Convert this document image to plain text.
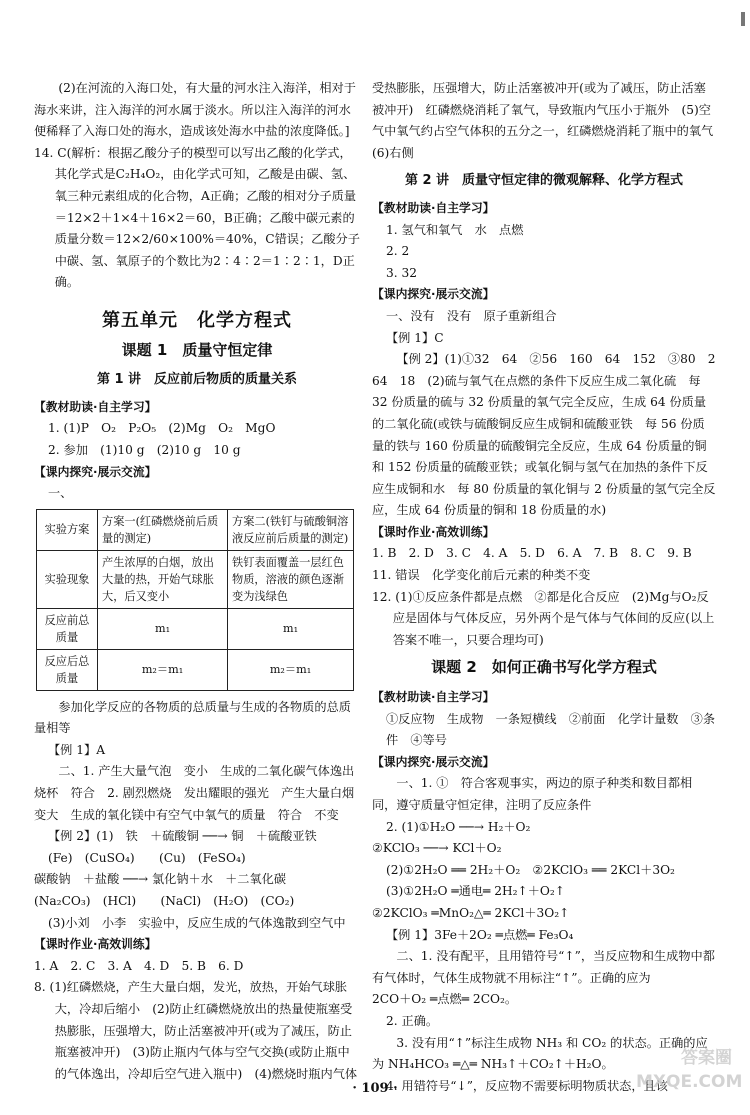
(2)在河流的入海口处，有大量的河水注入海洋，相对于海水来讲，注入海洋的河水属于淡水。所以注入海洋的河水便稀释了入海口处的海水，造成该处海水中盐的浓度降低。]

14. C(解析：根据乙酸分子的模型可以写出乙酸的化学式，其化学式是C₂H₄O₂，由化学式可知，乙酸是由碳、氢、氧三种元素组成的化合物，A正确；乙酸的相对分子质量＝12×2＋1×4＋16×2＝60，B正确；乙酸中碳元素的质量分数＝12×2/60×100%＝40%，C错误；乙酸分子中碳、氢、氧原子的个数比为2∶4∶2＝1∶2∶1，D正确。

第五单元　化学方程式
课题 1　质量守恒定律
第 1 讲　反应前后物质的质量关系

【教材助读·自主学习】

1. (1)P　O₂　P₂O₅　(2)Mg　O₂　MgO

2. 参加　(1)10 g　(2)10 g　10 g

【课内探究·展示交流】

一、

实验方案	方案一(红磷燃烧前后质量的测定)	方案二(铁钉与硫酸铜溶液反应前后质量的测定)
实验现象	产生浓厚的白烟，放出大量的热，开始气球胀大，后又变小	铁钉表面覆盖一层红色物质，溶液的颜色逐渐变为浅绿色
反应前总质量	m₁	m₁
反应后总质量	m₂＝m₁	m₂＝m₁

参加化学反应的各物质的总质量与生成的各物质的总质量相等

【例 1】A

二、1. 产生大量气泡　变小　生成的二氧化碳气体逸出烧杯　符合　2. 剧烈燃烧　发出耀眼的强光　产生大量白烟　变大　生成的氧化镁中有空气中氧气的质量　符合　不变

【例 2】(1)　铁　＋硫酸铜 ──→ 铜　＋硫酸亚铁

(Fe)　(CuSO₄)　　(Cu)　(FeSO₄)

碳酸钠　＋盐酸 ──→ 氯化钠＋水　＋二氧化碳

(Na₂CO₃)　(HCl)　　(NaCl)　(H₂O)　(CO₂)

(3)小刘　小李　实验中，反应生成的气体逸散到空气中

【课时作业·高效训练】

1. A　2. C　3. A　4. D　5. B　6. D

8. (1)红磷燃烧，产生大量白烟，发光，放热，开始气球胀大，冷却后缩小　(2)防止红磷燃烧放出的热量使瓶塞受热膨胀，压强增大，防止活塞被冲开(或为了减压，防止瓶塞被冲开)　(3)防止瓶内气体与空气交换(或防止瓶中的气体逸出，冷却后空气进入瓶中)　(4)燃烧时瓶内气体

受热膨胀，压强增大，防止活塞被冲开(或为了减压，防止活塞被冲开)　红磷燃烧消耗了氧气，导致瓶内气压小于瓶外　(5)空气中氧气约占空气体积的五分之一，红磷燃烧消耗了瓶中的氧气　(6)右侧

第 2 讲　质量守恒定律的微观解释、化学方程式

【教材助读·自主学习】

1. 氢气和氧气　水　点燃

2. 2

3. 32

【课内探究·展示交流】

一、没有　没有　原子重新组合

【例 1】C

【例 2】(1)①32　64　②56　160　64　152　③80　2　64　18　(2)硫与氧气在点燃的条件下反应生成二氧化硫　每 32 份质量的硫与 32 份质量的氧气完全反应，生成 64 份质量的二氧化硫(或铁与硫酸铜反应生成铜和硫酸亚铁　每 56 份质量的铁与 160 份质量的硫酸铜完全反应，生成 64 份质量的铜和 152 份质量的硫酸亚铁；或氧化铜与氢气在加热的条件下反应生成铜和水　每 80 份质量的氧化铜与 2 份质量的氢气完全反应，生成 64 份质量的铜和 18 份质量的水)

【课时作业·高效训练】

1. B　2. D　3. C　4. A　5. D　6. A　7. B　8. C　9. B

11. 错误　化学变化前后元素的种类不变

12. (1)①反应条件都是点燃　②都是化合反应　(2)Mg与O₂反应是固体与气体反应，另外两个是气体与气体间的反应(以上答案不唯一，只要合理均可)

课题 2　如何正确书写化学方程式

【教材助读·自主学习】

①反应物　生成物　一条短横线　②前面　化学计量数　③条件　④等号

【课内探究·展示交流】

一、1. ①　符合客观事实，两边的原子种类和数目都相同，遵守质量守恒定律，注明了反应条件

2. (1)①H₂O ──→ H₂＋O₂

②KClO₃ ──→ KCl＋O₂

(2)①2H₂O ══ 2H₂＋O₂　②2KClO₃ ══ 2KCl＋3O₂

(3)①2H₂O ═通电═ 2H₂↑＋O₂↑

②2KClO₃ ═MnO₂△═ 2KCl＋3O₂↑

【例 1】3Fe＋2O₂ ═点燃═ Fe₃O₄

二、1. 没有配平，且用错符号“↑”，当反应物和生成物中都有气体时，气体生成物就不用标注“↑”。正确的应为

2CO＋O₂ ═点燃═ 2CO₂。

2. 正确。

3. 没有用“↑”标注生成物 NH₃ 和 CO₂ 的状态。正确的应为 NH₄HCO₃ ═△═ NH₃↑＋CO₂↑＋H₂O。

4. 用错符号“↓”，反应物不需要标明物质状态，且该

· 109 ·
答案圈 MXQE.COM
